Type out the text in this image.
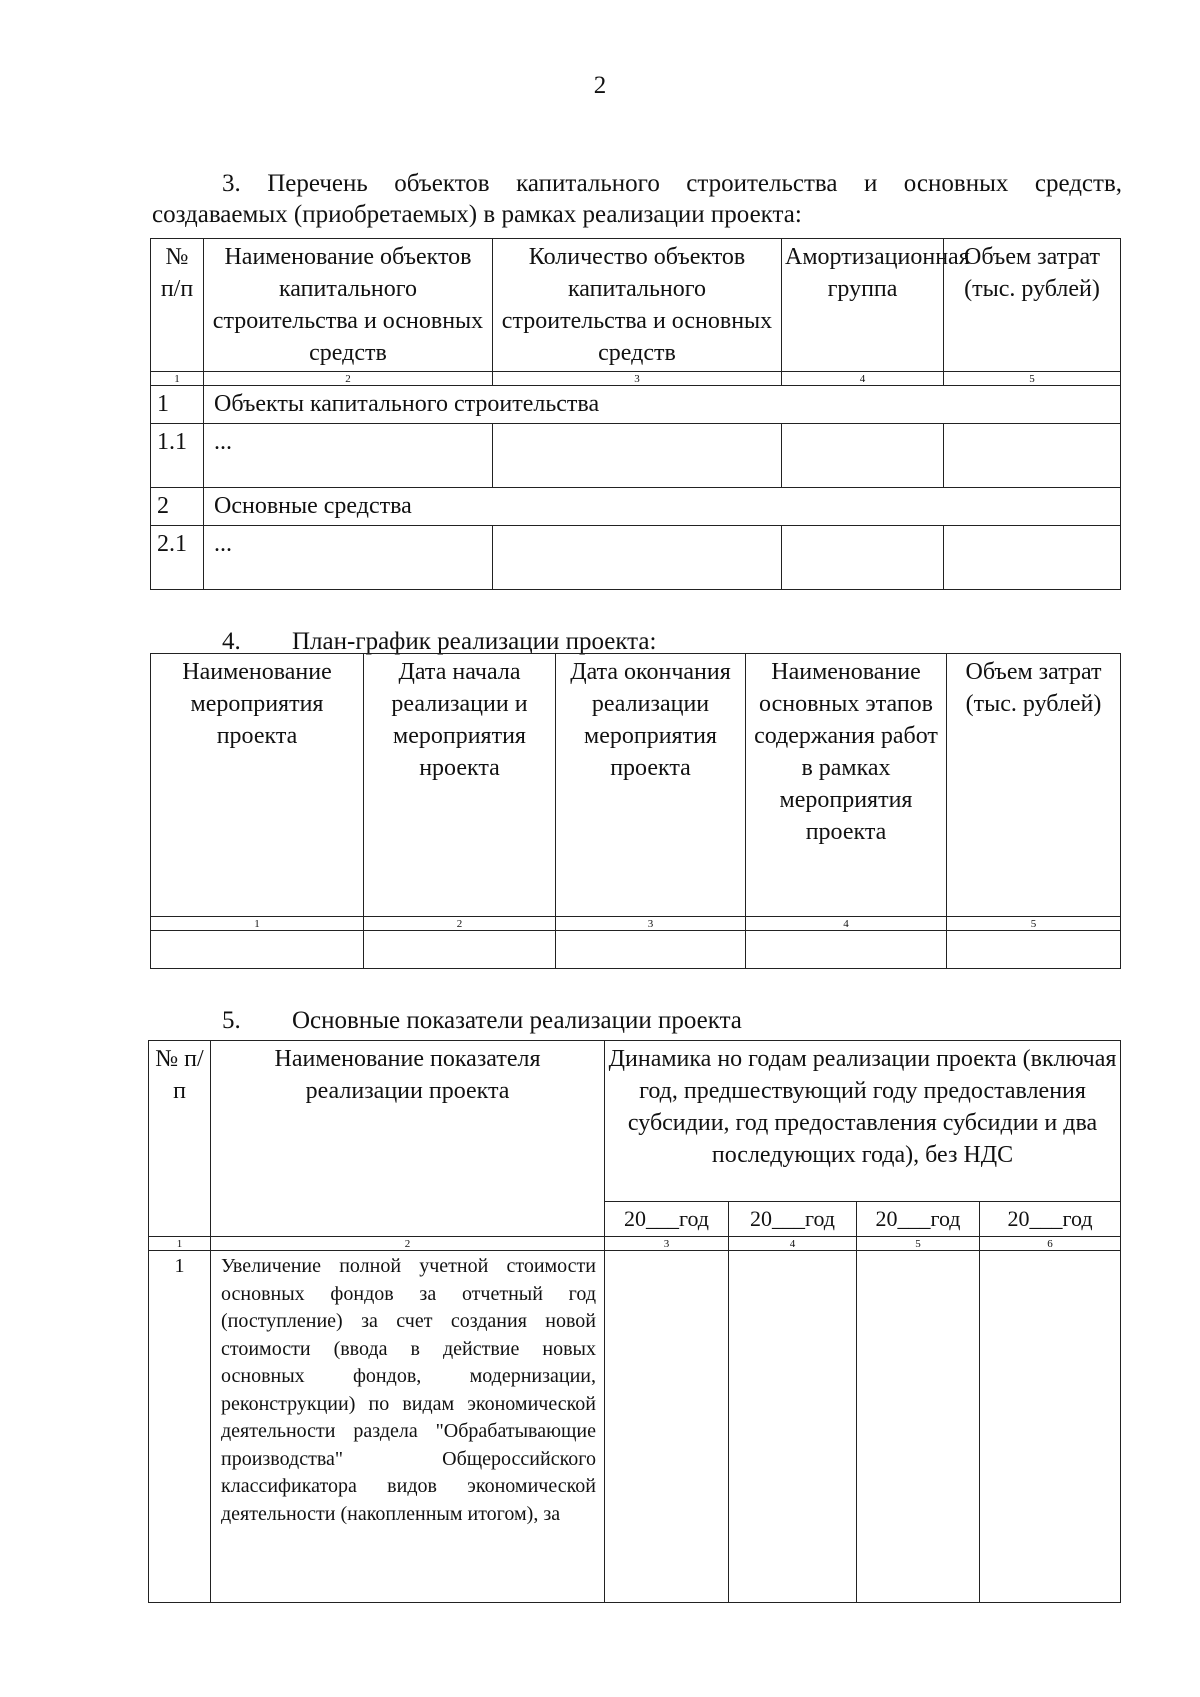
2

3. Перечень объектов капитального строительства и основных средств, создаваемых (приобретаемых) в рамках реализации проекта:

№ п/п	Наименование объектов капитального строительства и основных средств	Количество объектов капитального строительства и основных средств	Амортизационная группа	Объем затрат (тыс. рублей)
1	2	3	4	5
1	Объекты капитального строительства			
1.1	...			
2	Основные средства			
2.1	...			

4. План-график реализации проекта:

Наименование мероприятия проекта	Дата начала реализации и мероприятия нроекта	Дата окончания реализации мероприятия проекта	Наименование основных этапов содержания работ в рамках мероприятия проекта	Объем затрат (тыс. рублей)
1	2	3	4	5

5. Основные показатели реализации проекта

№ п/п	Наименование показателя реализации проекта	Динамика но годам реализации проекта (включая год, предшествующий году предоставления субсидии, год предоставления субсидии и два последующих года), без НДС			
		20___год	20___год	20___год	20___год
1	2	3	4	5	6
1	Увеличение полной учетной стоимости основных фондов за отчетный год (поступление) за счет создания новой стоимости (ввода в действие новых основных фондов, модернизации, реконструкции) по видам экономической деятельности раздела "Обрабатывающие производства" Общероссийского классификатора видов экономической деятельности (накопленным итогом), за				
